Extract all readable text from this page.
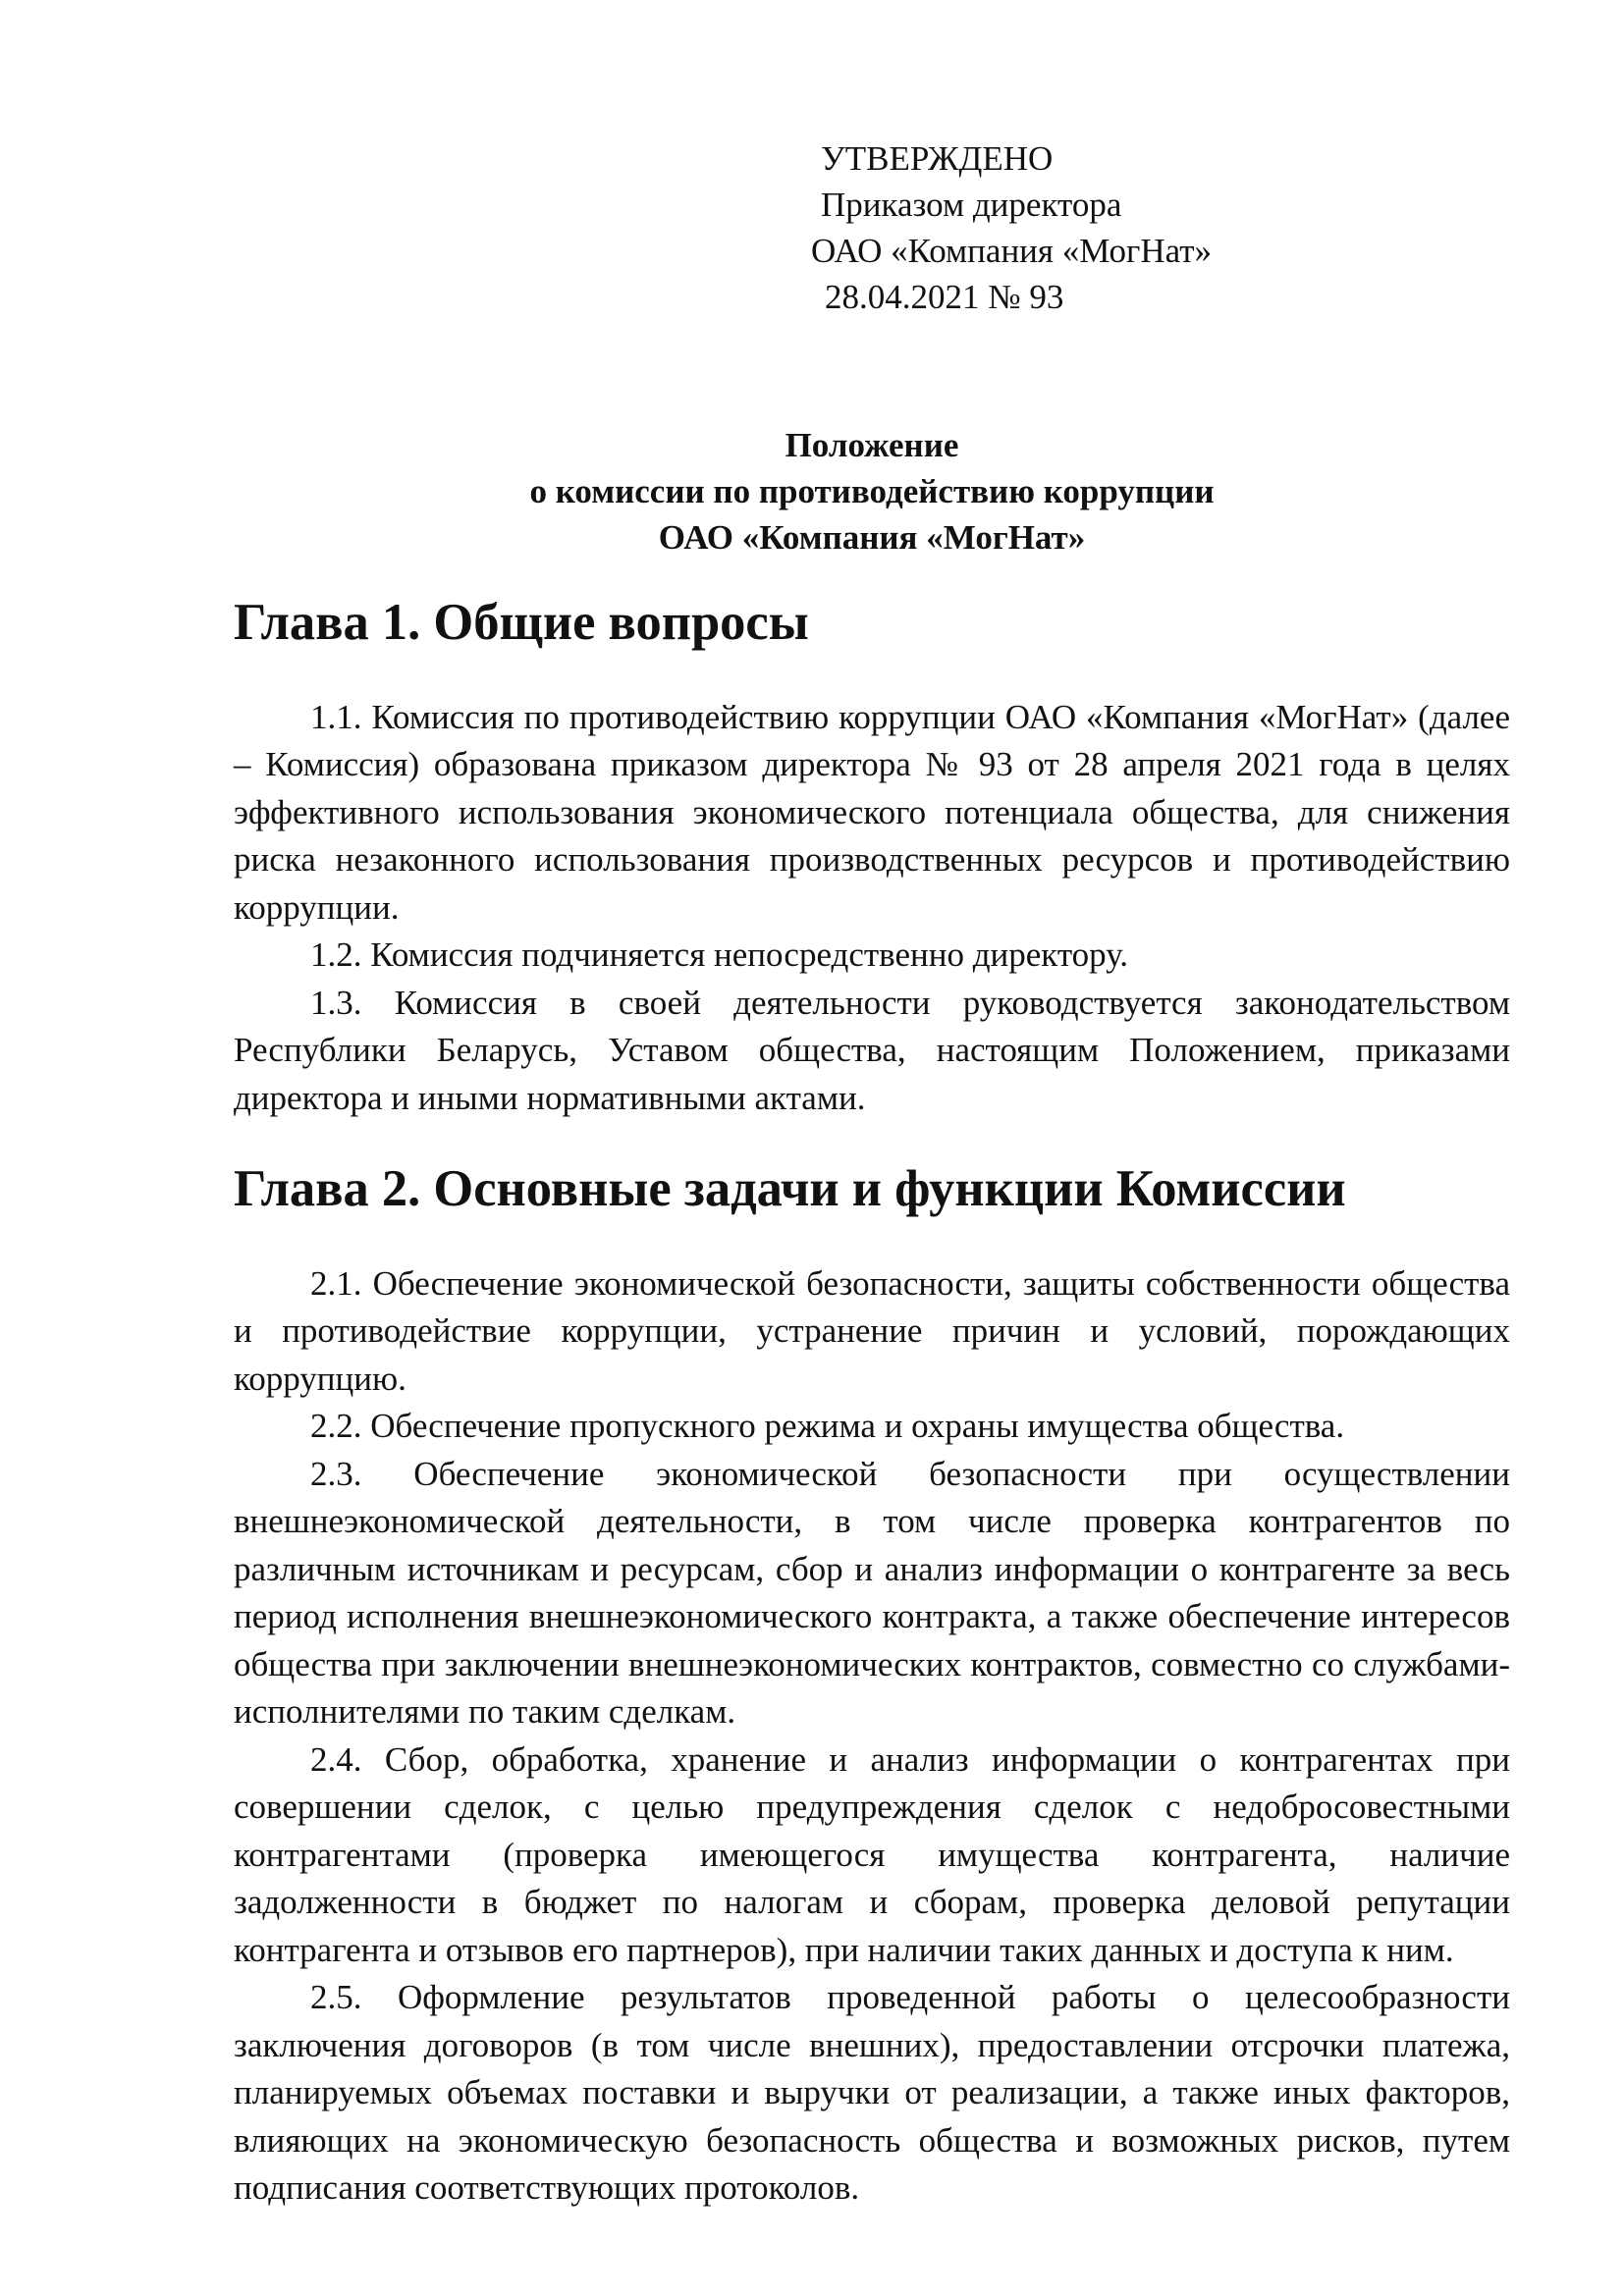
УТВЕРЖДЕНО
Приказом директора
ОАО «Компания «МогНат»
28.04.2021 № 93
Положение
о комиссии по противодействию коррупции
ОАО «Компания «МогНат»
Глава 1. Общие вопросы

1.1. Комиссия по противодействию коррупции ОАО «Компания «МогНат» (далее – Комиссия) образована приказом директора № 93 от 28 апреля 2021 года в целях эффективного использования экономического потенциала общества, для снижения риска незаконного использования производственных ресурсов и противодействию коррупции.

1.2. Комиссия подчиняется непосредственно директору.

1.3. Комиссия в своей деятельности руководствуется законодательством Республики Беларусь, Уставом общества, настоящим Положением, приказами директора и иными нормативными актами.

Глава 2. Основные задачи и функции Комиссии

2.1. Обеспечение экономической безопасности, защиты собственности общества и противодействие коррупции, устранение причин и условий, порождающих коррупцию.

2.2. Обеспечение пропускного режима и охраны имущества общества.

2.3. Обеспечение экономической безопасности при осуществлении внешнеэкономической деятельности, в том числе проверка контрагентов по различным источникам и ресурсам, сбор и анализ информации о контрагенте за весь период исполнения внешнеэкономического контракта, а также обеспечение интересов общества при заключении внешнеэкономических контрактов, совместно со службами-исполнителями по таким сделкам.

2.4. Сбор, обработка, хранение и анализ информации о контрагентах при совершении сделок, с целью предупреждения сделок с недобросовестными контрагентами (проверка имеющегося имущества контрагента, наличие задолженности в бюджет по налогам и сборам, проверка деловой репутации контрагента и отзывов его партнеров), при наличии таких данных и доступа к ним.

2.5. Оформление результатов проведенной работы о целесообразности заключения договоров (в том числе внешних), предоставлении отсрочки платежа, планируемых объемах поставки и выручки от реализации, а также иных факторов, влияющих на экономическую безопасность общества и возможных рисков, путем подписания соответствующих протоколов.
